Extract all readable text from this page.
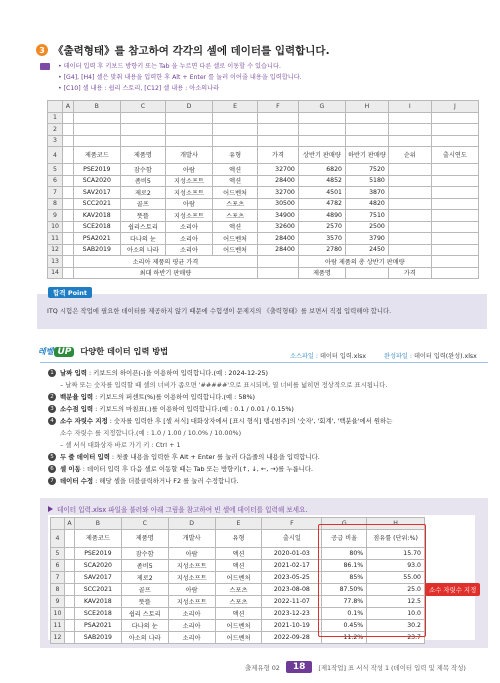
3 《출력형태》를 참고하여 각각의 셀에 데이터를 입력합니다.
• 데이터 입력 후 키보드 방향키 또는 Tab 을 누르면 다른 셀로 이동할 수 있습니다.
• [G4], [H4] 셀은 맞춰 내용을 입력한 후 Alt + Enter 를 눌러 이어줄 내용을 입력합니다.
• [C10] 셀 내용 : 쉽리 스토리, [C12] 셀 내용 : 아소의나라
	A	B	C	D	E	F	G	H	I	J
1										
2										
3										
4		제품코드	제품명	개발사	유형	가격	상반기 판매량	하반기 판매량	순위	출시연도
5		PSE2019	잠수함	아람	액션	32700	6820	7520		
6		SCA2020	좀비5	지성소프트	액션	28400	4852	5180		
7		SAV2017	제로2	지성소프트	어드벤처	32700	4501	3870		
8		SCC2021	골프	아람	스포츠	30500	4782	4820		
9		KAV2018	뜻뜰	지성소프트	스포츠	34900	4890	7510		
10		SCE2018	쉽리스토리	소리아	액션	32600	2570	2500		
11		PSA2021	다나의 눈	소리아	어드벤처	28400	3570	3790		
12		SAB2019	아소의 나라	소리아	어드벤처	28400	2780	2450		
13		소리아 제품의 평균 가격					아람 제품의 총 상반기 판매량			
14		최대 하반기 판매량					제품명		가격	
ITQ 시험은 작업에 필요한 데이터를 제공하지 않기 때문에 수험생이 문제지의 《출력형태》를 보면서 직접 입력해야 합니다.
합격 Point
레벨 UP	다양한 데이터 입력 방법
소스파일 : 데이터 입력.xlsx	완성파일 : 데이터 입력(완성).xlsx
1 날짜 입력 : 키보드의 하이픈(-)을 이용하여 입력합니다.(예 : 2024-12-25)
– 날짜 또는 숫자를 입력할 때 셀의 너비가 좁으면 '#####'으로 표시되며, 열 너비를 넓히면 정상적으로 표시됩니다.
2 백분율 입력 : 키보드의 퍼센트(%)를 이용하여 입력합니다.(예 : 58%)
3 소수점 입력 : 키보드의 마침표(.)를 이용하여 입력합니다.(예 : 0.1 / 0.01 / 0.15%)
4 소수 자릿수 지정 : 숫자를 입력한 후 [셀 서식] 대화상자에서 [표시 형식] 탭-[범주]의 '숫자', '회계', '백분율'에서 원하는
소수 자릿수 를 지정합니다.(예 : 1.0 / 1.00 / 10.0% / 10.00%)
– 셀 서식 대화상자 바로 가기 키 : Ctrl + 1
5 두 줄 데이터 입력 : 첫줄 내용을 입력한 후 Alt + Enter 를 눌러 다음줄의 내용을 입력합니다.
6 셀 이동 : 데이터 입력 후 다음 셀로 이동할 때는 Tab 또는 방향키(↑, ↓, ←, →)를 누릅니다.
7 데이터 수정 : 해당 셀을 더블클릭하거나 F2 를 눌러 수정합니다.
데이터 입력.xlsx 파일을 불러와 아래 그림을 참고하여 빈 셀에 데이터를 입력해 보세요.
	A	B	C	D	E	F	G	H
4		제품코드	제품명	개발사	유형	출시일	공급 비율	점유률 (단위:%)
5		PSE2019	잠수함	아람	액션	2020-01-03	80%	15.70
6		SCA2020	좀비5	지성소프트	액션	2021-02-17	86.1%	93.0
7		SAV2017	제로2	지성소프트	어드벤처	2023-05-25	85%	55.00
8		SCC2021	골프	아람	스포츠	2023-08-08	87.50%	25.0
9		KAV2018	뜻뜰	지성소프트	스포츠	2022-11-07	77.8%	12.5
10		SCE2018	쉽리 스토리	소리아	액션	2023-12-23	0.1%	10.0
11		PSA2021	다나의 눈	소리아	어드벤처	2021-10-19	0.45%	30.2
12		SAB2019	아소의 나라	소리아	어드벤처	2022-09-28	11.2%	23.7
소수 자릿수 지정
출제유형 02	18	[제1작업] 표 서식 작성 1 (데이터 입력 및 제목 작성)
